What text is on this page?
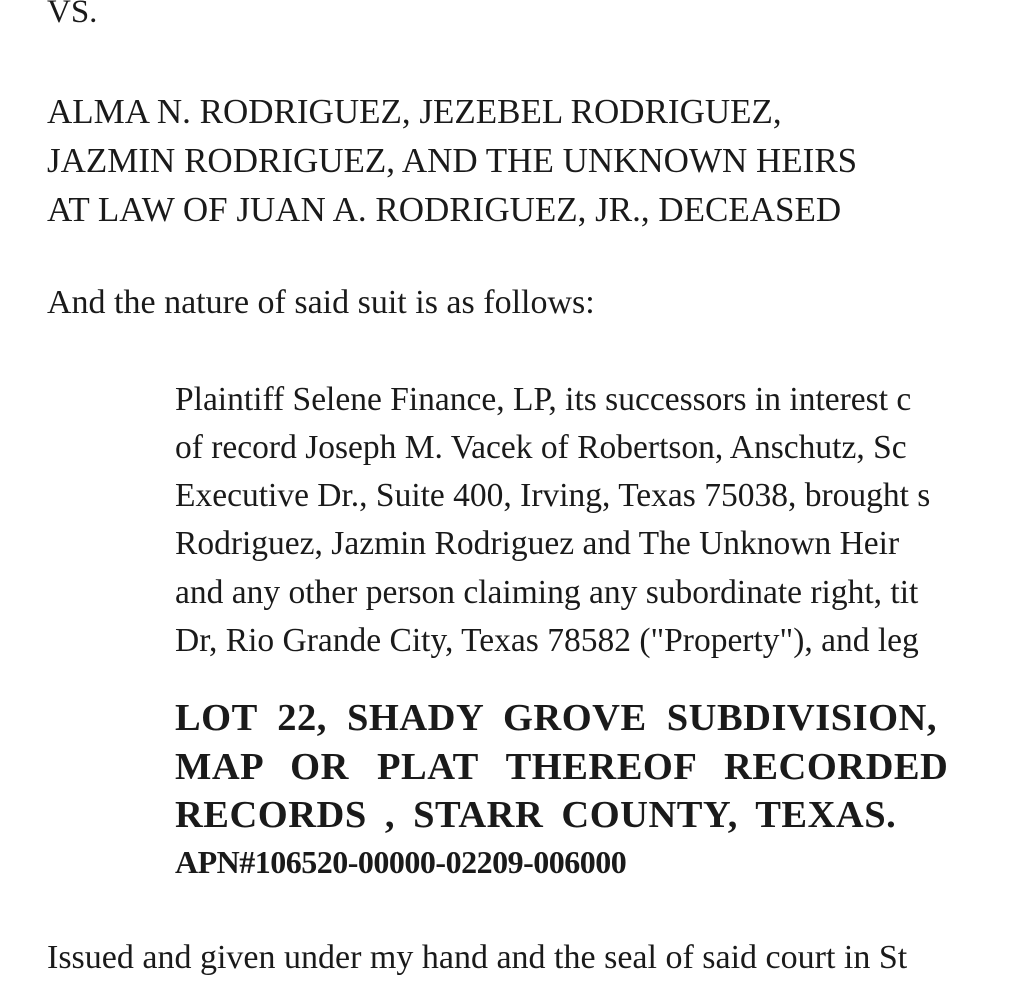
VS.
ALMA N. RODRIGUEZ, JEZEBEL RODRIGUEZ,
JAZMIN RODRIGUEZ, AND THE UNKNOWN HEIRS
AT LAW OF JUAN A. RODRIGUEZ, JR., DECEASED
And the nature of said suit is as follows:
Plaintiff Selene Finance, LP, its successors in interest c
of record Joseph M. Vacek of Robertson, Anschutz, Sc
Executive Dr., Suite 400, Irving, Texas 75038, brought s
Rodriguez, Jazmin Rodriguez and The Unknown Heir
and any other person claiming any subordinate right, tit
Dr, Rio Grande City, Texas 78582 ("Property"), and leg
LOT 22, SHADY GROVE SUBDIVISION,
MAP OR PLAT THEREOF RECORDED
RECORDS , STARR COUNTY, TEXAS.
APN#106520-00000-02209-006000
Issued and given under my hand and the seal of said court in St
